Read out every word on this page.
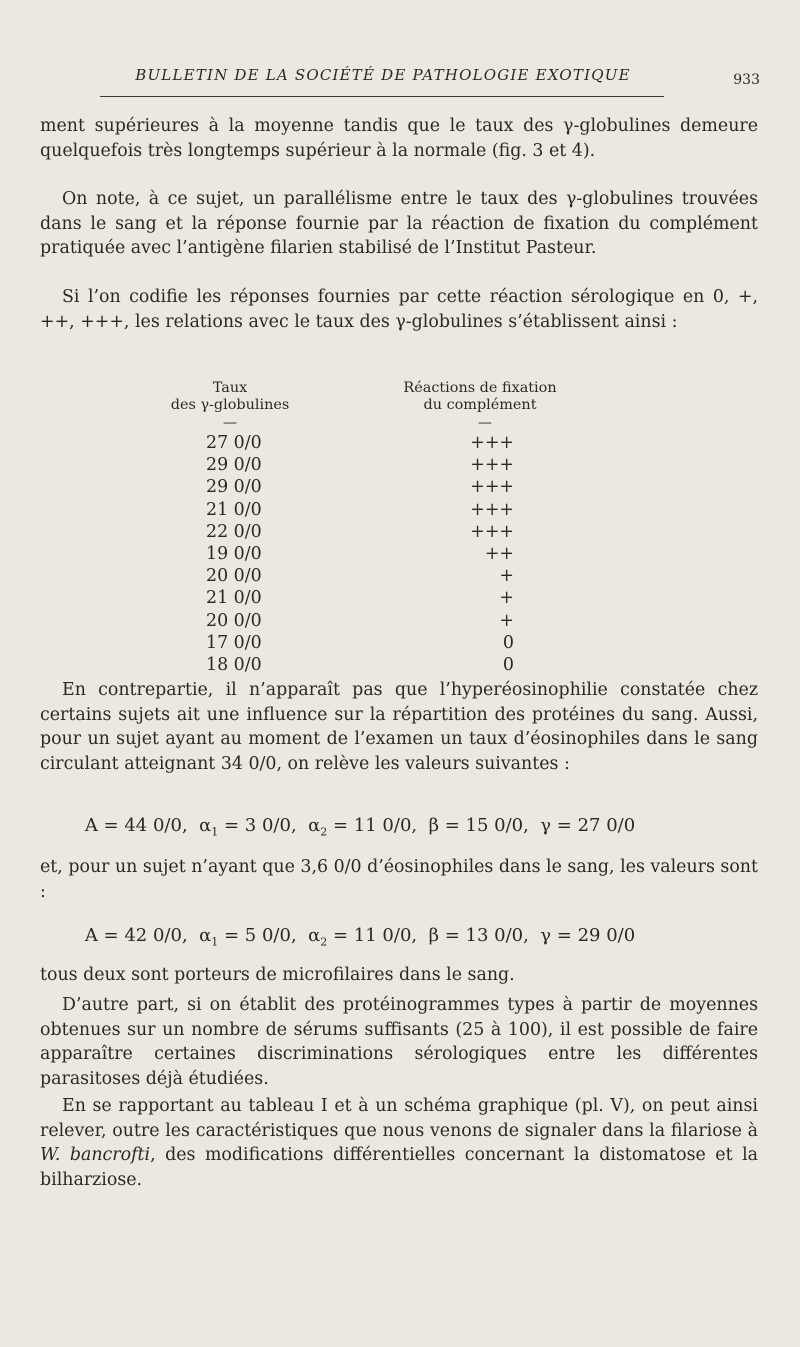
BULLETIN DE LA SOCIÉTÉ DE PATHOLOGIE EXOTIQUE	933

ment supérieures à la moyenne tandis que le taux des γ-globulines demeure quelquefois très longtemps supérieur à la normale (fig. 3 et 4).

On note, à ce sujet, un parallélisme entre le taux des γ-globulines trouvées dans le sang et la réponse fournie par la réaction de fixation du complément pratiquée avec l’antigène filarien stabilisé de l’Institut Pasteur.

Si l’on codifie les réponses fournies par cette réaction sérologique en 0, +, ++, +++, les relations avec le taux des γ-globulines s’établissent ainsi :

Taux
des γ-globulines
Réactions de fixation
du complément
—	—
27 0/0
29 0/0
29 0/0
21 0/0
22 0/0
19 0/0
20 0/0
21 0/0
20 0/0
17 0/0
18 0/0
+++
+++
+++
+++
+++
++
+
+
+
0
0

En contrepartie, il n’apparaît pas que l’hyperéosinophilie constatée chez certains sujets ait une influence sur la répartition des protéines du sang. Aussi, pour un sujet ayant au moment de l’examen un taux d’éosinophiles dans le sang circulant atteignant 34 0/0, on relève les valeurs suivantes :

A = 44 0/0, $\alpha_1 = 3$ 0/0, $\alpha_2 = 11$ 0/0, β = 15 0/0, γ = 27 0/0

et, pour un sujet n’ayant que 3,6 0/0 d’éosinophiles dans le sang, les valeurs sont :

A = 42 0/0, $\alpha_1 = 5$ 0/0, $\alpha_2 = 11$ 0/0, β = 13 0/0, γ = 29 0/0

tous deux sont porteurs de microfilaires dans le sang.

D’autre part, si on établit des protéinogrammes types à partir de moyennes obtenues sur un nombre de sérums suffisants (25 à 100), il est possible de faire apparaître certaines discriminations sérologiques entre les différentes parasitoses déjà étudiées.

En se rapportant au tableau I et à un schéma graphique (pl. V), on peut ainsi relever, outre les caractéristiques que nous venons de signaler dans la filariose à W. bancrofti, des modifications différentielles concernant la distomatose et la bilharziose.
